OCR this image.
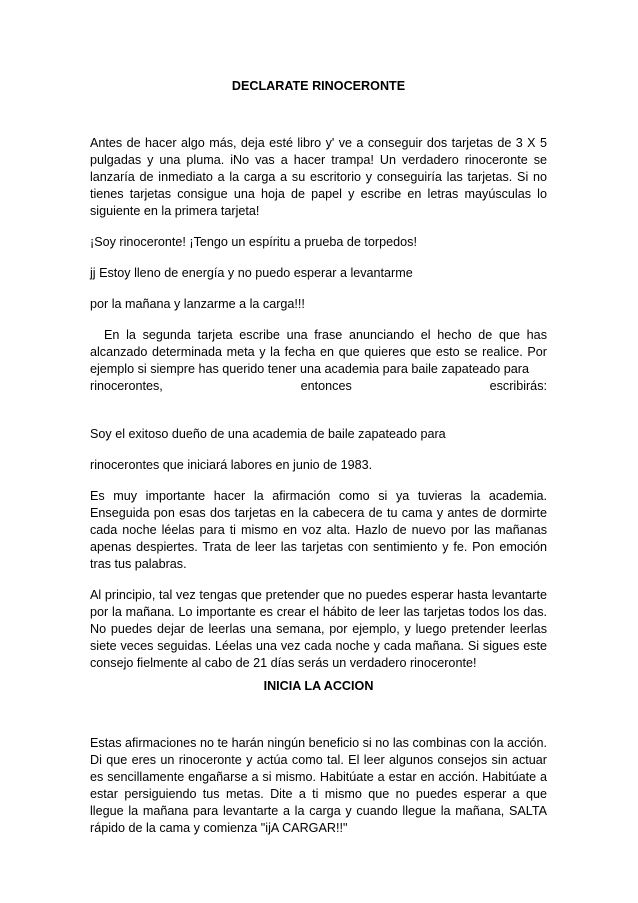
DECLARATE RINOCERONTE

Antes de hacer algo más, deja esté libro y' ve a conseguir dos tarjetas de 3 X 5 pulgadas y una pluma. iNo vas a hacer trampa! Un verdadero rinoceronte se lanzaría de inmediato a la carga a su escritorio y conseguiría las tarjetas. Si no tienes tarjetas consigue una hoja de papel y escribe en letras mayúsculas lo siguiente en la primera tarjeta!

¡Soy rinoceronte! ¡Tengo un espíritu a prueba de torpedos!

jj Estoy lleno de energía y no puedo esperar a levantarme

por la mañana y lanzarme a la carga!!!

En la segunda tarjeta escribe una frase anunciando el hecho de que has alcanzado determinada meta y la fecha en que quieres que esto se realice. Por ejemplo si siempre has querido tener una academia para baile zapateado para

rinocerontes, entonces escribirás:

Soy el exitoso dueño de una academia de baile zapateado para

rinocerontes que iniciará labores en junio de 1983.

Es muy importante hacer la afirmación como si ya tuvieras la academia. Enseguida pon esas dos tarjetas en la cabecera de tu cama y antes de dormirte cada noche léelas para ti mismo en voz alta. Hazlo de nuevo por las mañanas apenas despiertes. Trata de leer las tarjetas con sentimiento y fe. Pon emoción tras tus palabras.

Al principio, tal vez tengas que pretender que no puedes esperar hasta levantarte por la mañana. Lo importante es crear el hábito de leer las tarjetas todos los das. No puedes dejar de leerlas una semana, por ejemplo, y luego pretender leerlas siete veces seguidas. Léelas una vez cada noche y cada mañana. Si sigues este consejo fielmente al cabo de 21 días serás un verdadero rinoceronte!

INICIA LA ACCION

Estas afirmaciones no te harán ningún beneficio si no las combinas con la acción. Di que eres un rinoceronte y actúa como tal. El leer algunos consejos sin actuar es sencillamente engañarse a si mismo. Habitúate a estar en acción. Habitúate a estar persiguiendo tus metas. Dite a ti mismo que no puedes esperar a que llegue la mañana para levantarte a la carga y cuando llegue la mañana, SALTA rápido de la cama y comienza "ijA CARGAR!!"
